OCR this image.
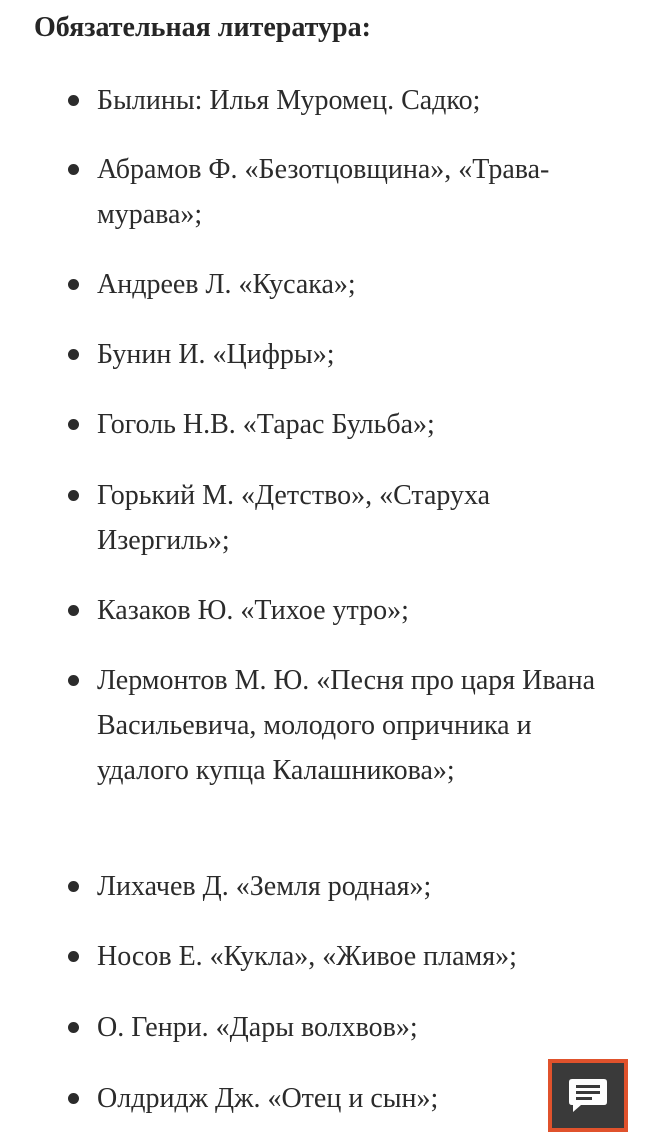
Обязательная литература:
Былины: Илья Муромец. Садко;
Абрамов Ф. «Безотцовщина», «Трава-мурава»;
Андреев Л. «Кусака»;
Бунин И. «Цифры»;
Гоголь Н.В. «Тарас Бульба»;
Горький М. «Детство», «Старуха Изергиль»;
Казаков Ю. «Тихое утро»;
Лермонтов М. Ю. «Песня про царя Ивана Васильевича, молодого опричника и удалого купца Калашникова»;
Лихачев Д. «Земля родная»;
Носов Е. «Кукла», «Живое пламя»;
О. Генри. «Дары волхвов»;
Олдридж Дж. «Отец и сын»;
